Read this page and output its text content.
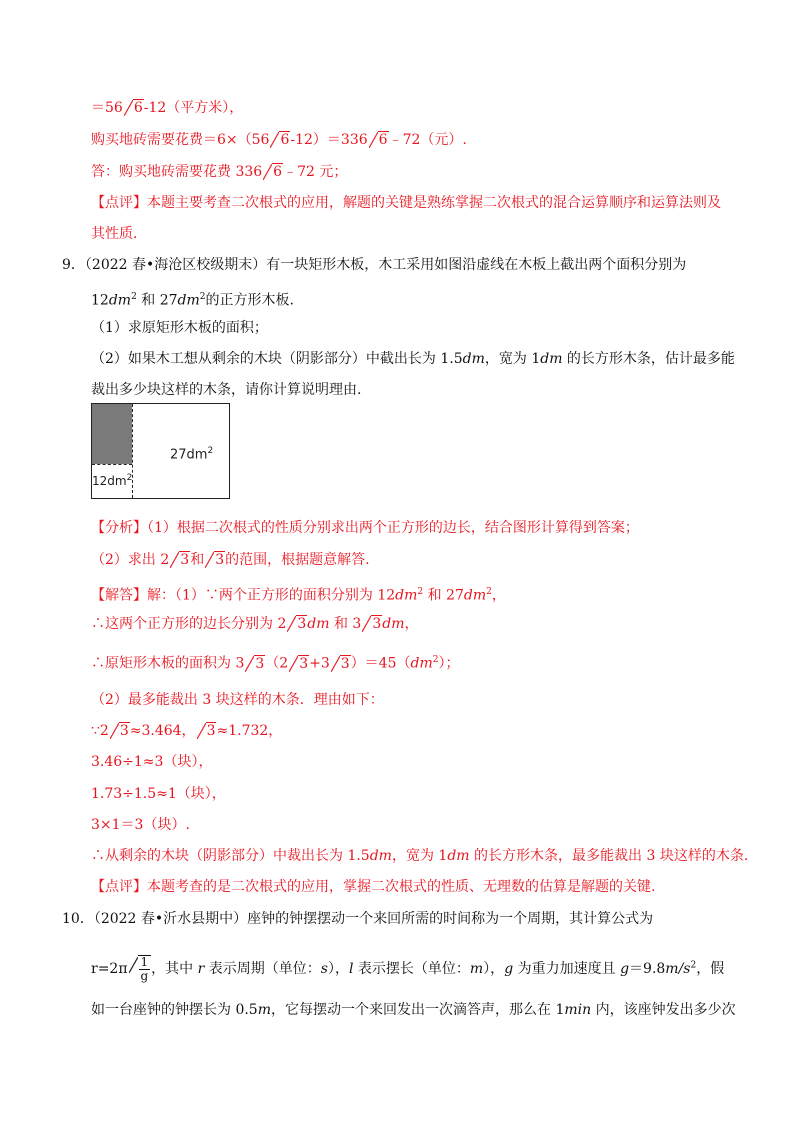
＝56 6-12（平方米），
购买地砖需要花费＝6×（56 6-12）＝336 6﹣72（元）.
答：购买地砖需要花费 336 6﹣72 元；
【点评】本题主要考查二次根式的应用，解题的关键是熟练掌握二次根式的混合运算顺序和运算法则及
其性质.
9．（2022 春•海沧区校级期末）有一块矩形木板，木工采用如图沿虚线在木板上截出两个面积分别为
$12dm^2$ 和 $27dm^2$的正方形木板.
（1）求原矩形木板的面积；
（2）如果木工想从剩余的木块（阴影部分）中截出长为 1.5dm，宽为 1dm 的长方形木条，估计最多能
裁出多少块这样的木条，请你计算说明理由.
$27dm^2$
$12dm^2$
【分析】（1）根据二次根式的性质分别求出两个正方形的边长，结合图形计算得到答案；
（2）求出 2 3和 3的范围，根据题意解答.
【解答】解：（1）∵两个正方形的面积分别为 $12dm^2$ 和 $27dm^2$，
∴这两个正方形的边长分别为 2 3dm 和 3 3dm，
∴原矩形木板的面积为 3 3（2 3+3 $3)=45(dm^2)$；
（2）最多能裁出 3 块这样的木条．理由如下：
∵2 3≈3.464， 3≈1.732，
3.46÷1≈3（块），
1.73÷1.5≈1（块），
3×1＝3（块）.
∴从剩余的木块（阴影部分）中裁出长为 1.5dm，宽为 1dm 的长方形木条，最多能裁出 3 块这样的木条.
【点评】本题考查的是二次根式的应用，掌握二次根式的性质、无理数的估算是解题的关键.
10．（2022 春•沂水县期中）座钟的钟摆摆动一个来回所需的时间称为一个周期，其计算公式为
$r=2\pi \frac{1}{g}$ ，其中 r 表示周期（单位：s），l 表示摆长（单位：m），g 为重力加速度且 $g=9.8m/s^2$，假
如一台座钟的钟摆长为 0.5m，它每摆动一个来回发出一次滴答声，那么在 1min 内，该座钟发出多少次
